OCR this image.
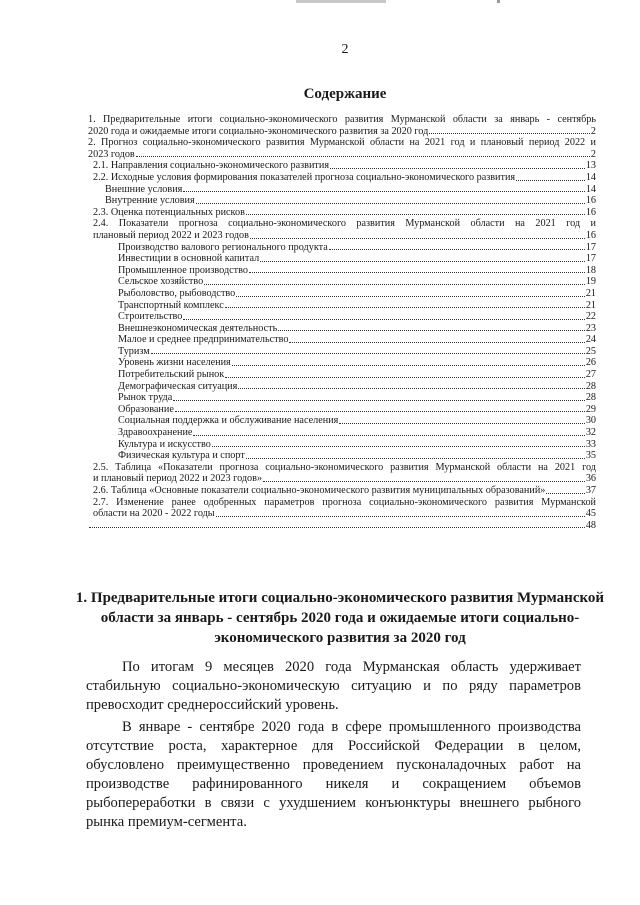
2
Содержание
1. Предварительные итоги социально-экономического развития Мурманской области за январь - сентябрь
2020 года и ожидаемые итоги социально-экономического развития за 2020 год	2
2. Прогноз социально-экономического развития Мурманской области на 2021 год и плановый период 2022 и
2023 годов	2
2.1. Направления социально-экономического развития	13
2.2. Исходные условия формирования показателей прогноза социально-экономического развития	14
Внешние условия	14
Внутренние условия	16
2.3. Оценка потенциальных рисков	16
2.4. Показатели прогноза социально-экономического развития Мурманской области на 2021 год и
плановый период 2022 и 2023 годов	16
Производство валового регионального продукта	17
Инвестиции в основной капитал	17
Промышленное производство	18
Сельское хозяйство	19
Рыболовство, рыбоводство	21
Транспортный комплекс	21
Строительство	22
Внешнеэкономическая деятельность	23
Малое и среднее предпринимательство	24
Туризм	25
Уровень жизни населения	26
Потребительский рынок	27
Демографическая ситуация	28
Рынок труда	28
Образование	29
Социальная поддержка и обслуживание населения	30
Здравоохранение	32
Культура и искусство	33
Физическая культура и спорт	35
2.5. Таблица «Показатели прогноза социально-экономического развития Мурманской области на 2021 год
и плановый период 2022 и 2023 годов»	36
2.6. Таблица «Основные показатели социально-экономического развития муниципальных образований»	37
2.7. Изменение ранее одобренных параметров прогноза социально-экономического развития Мурманской
области на 2020 - 2022 годы	45
48
1. Предварительные итоги социально-экономического развития Мурманской области за январь - сентябрь 2020 года и ожидаемые итоги социально-экономического развития за 2020 год

По итогам 9 месяцев 2020 года Мурманская область удерживает стабильную социально-экономическую ситуацию и по ряду параметров превосходит среднероссийский уровень.

В январе - сентябре 2020 года в сфере промышленного производства отсутствие роста, характерное для Российской Федерации в целом, обусловлено преимущественно проведением пусконаладочных работ на производстве рафинированного никеля и сокращением объемов рыбопереработки в связи с ухудшением конъюнктуры внешнего рыбного рынка премиум-сегмента.
